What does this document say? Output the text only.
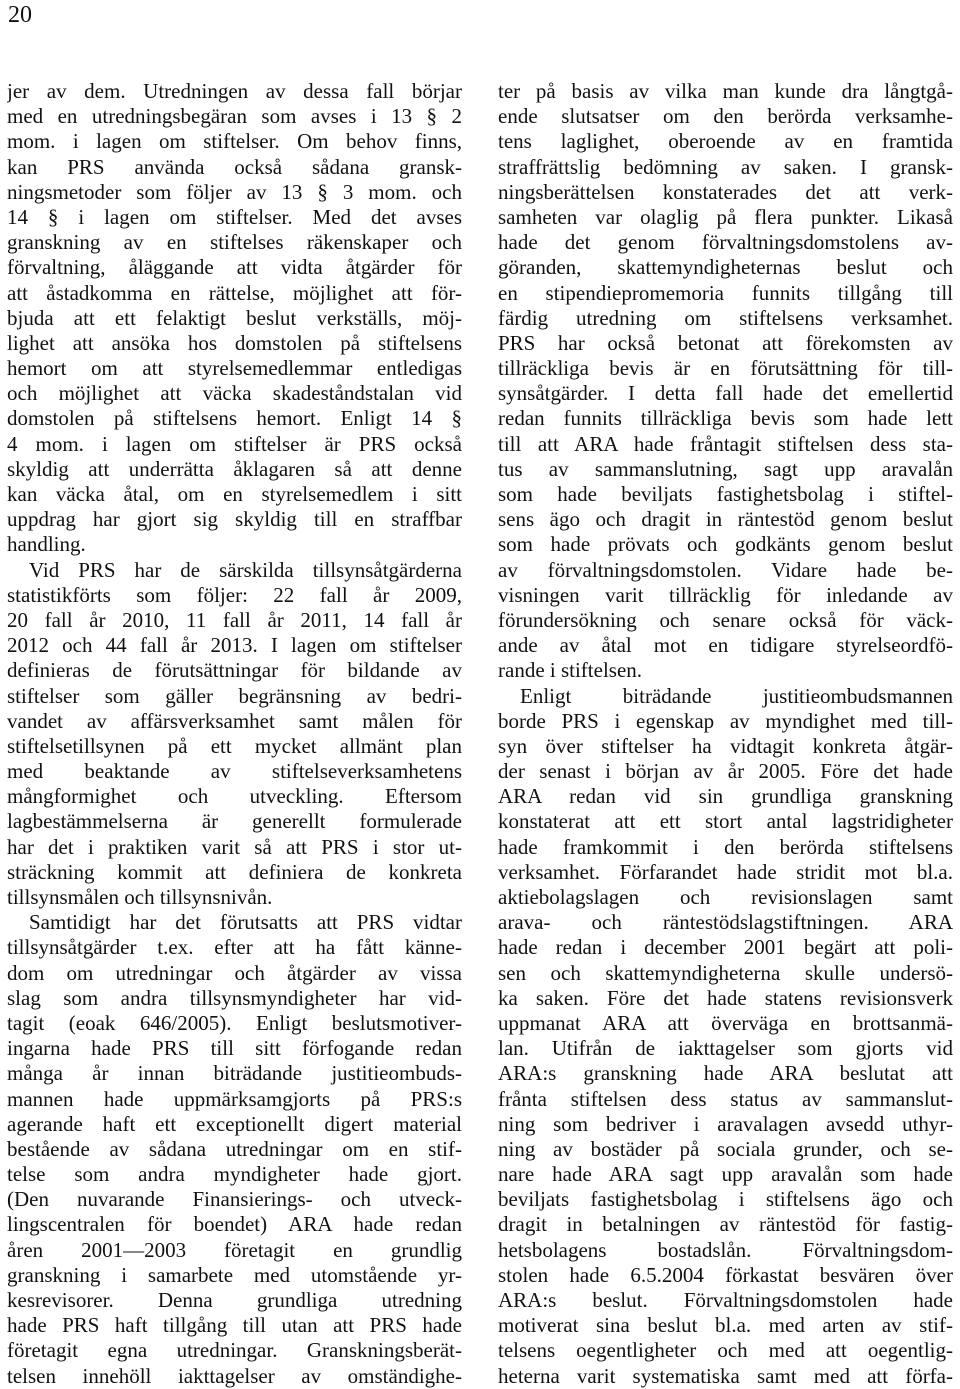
20
jer av dem. Utredningen av dessa fall börjar
med en utredningsbegäran som avses i 13 § 2
mom. i lagen om stiftelser. Om behov finns,
kan PRS använda också sådana gransk-
ningsmetoder som följer av 13 § 3 mom. och
14 § i lagen om stiftelser. Med det avses
granskning av en stiftelses räkenskaper och
förvaltning, åläggande att vidta åtgärder för
att åstadkomma en rättelse, möjlighet att för-
bjuda att ett felaktigt beslut verkställs, möj-
lighet att ansöka hos domstolen på stiftelsens
hemort om att styrelsemedlemmar entledigas
och möjlighet att väcka skadeståndstalan vid
domstolen på stiftelsens hemort. Enligt 14 §
4 mom. i lagen om stiftelser är PRS också
skyldig att underrätta åklagaren så att denne
kan väcka åtal, om en styrelsemedlem i sitt
uppdrag har gjort sig skyldig till en straffbar
handling.
Vid PRS har de särskilda tillsynsåtgärderna
statistikförts som följer: 22 fall år 2009,
20 fall år 2010, 11 fall år 2011, 14 fall år
2012 och 44 fall år 2013. I lagen om stiftelser
definieras de förutsättningar för bildande av
stiftelser som gäller begränsning av bedri-
vandet av affärsverksamhet samt målen för
stiftelsetillsynen på ett mycket allmänt plan
med beaktande av stiftelseverksamhetens
mångformighet och utveckling. Eftersom
lagbestämmelserna är generellt formulerade
har det i praktiken varit så att PRS i stor ut-
sträckning kommit att definiera de konkreta
tillsynsmålen och tillsynsnivån.
Samtidigt har det förutsatts att PRS vidtar
tillsynsåtgärder t.ex. efter att ha fått känne-
dom om utredningar och åtgärder av vissa
slag som andra tillsynsmyndigheter har vid-
tagit (eoak 646/2005). Enligt beslutsmotiver-
ingarna hade PRS till sitt förfogande redan
många år innan biträdande justitieombuds-
mannen hade uppmärksamgjorts på PRS:s
agerande haft ett exceptionellt digert material
bestående av sådana utredningar om en stif-
telse som andra myndigheter hade gjort.
(Den nuvarande Finansierings- och utveck-
lingscentralen för boendet) ARA hade redan
åren 2001—2003 företagit en grundlig
granskning i samarbete med utomstående yr-
kesrevisorer. Denna grundliga utredning
hade PRS haft tillgång till utan att PRS hade
företagit egna utredningar. Granskningsberät-
telsen innehöll iakttagelser av omständighe-
ter på basis av vilka man kunde dra långtgå-
ende slutsatser om den berörda verksamhe-
tens laglighet, oberoende av en framtida
straffrättslig bedömning av saken. I gransk-
ningsberättelsen konstaterades det att verk-
samheten var olaglig på flera punkter. Likaså
hade det genom förvaltningsdomstolens av-
göranden, skattemyndigheternas beslut och
en stipendiepromemoria funnits tillgång till
färdig utredning om stiftelsens verksamhet.
PRS har också betonat att förekomsten av
tillräckliga bevis är en förutsättning för till-
synsåtgärder. I detta fall hade det emellertid
redan funnits tillräckliga bevis som hade lett
till att ARA hade fråntagit stiftelsen dess sta-
tus av sammanslutning, sagt upp aravalån
som hade beviljats fastighetsbolag i stiftel-
sens ägo och dragit in räntestöd genom beslut
som hade prövats och godkänts genom beslut
av förvaltningsdomstolen. Vidare hade be-
visningen varit tillräcklig för inledande av
förundersökning och senare också för väck-
ande av åtal mot en tidigare styrelseordfö-
rande i stiftelsen.
Enligt biträdande justitieombudsmannen
borde PRS i egenskap av myndighet med till-
syn över stiftelser ha vidtagit konkreta åtgär-
der senast i början av år 2005. Före det hade
ARA redan vid sin grundliga granskning
konstaterat att ett stort antal lagstridigheter
hade framkommit i den berörda stiftelsens
verksamhet. Förfarandet hade stridit mot bl.a.
aktiebolagslagen och revisionslagen samt
arava- och räntestödslagstiftningen. ARA
hade redan i december 2001 begärt att poli-
sen och skattemyndigheterna skulle undersö-
ka saken. Före det hade statens revisionsverk
uppmanat ARA att överväga en brottsanmä-
lan. Utifrån de iakttagelser som gjorts vid
ARA:s granskning hade ARA beslutat att
fråntа stiftelsen dess status av sammanslut-
ning som bedriver i aravalagen avsedd uthyr-
ning av bostäder på sociala grunder, och se-
nare hade ARA sagt upp aravalån som hade
beviljats fastighetsbolag i stiftelsens ägo och
dragit in betalningen av räntestöd för fastig-
hetsbolagens bostadslån. Förvaltningsdom-
stolen hade 6.5.2004 förkastat besvären över
ARA:s beslut. Förvaltningsdomstolen hade
motiverat sina beslut bl.a. med arten av stif-
telsens oegentligheter och med att oegentlig-
heterna varit systematiska samt med att förfa-
